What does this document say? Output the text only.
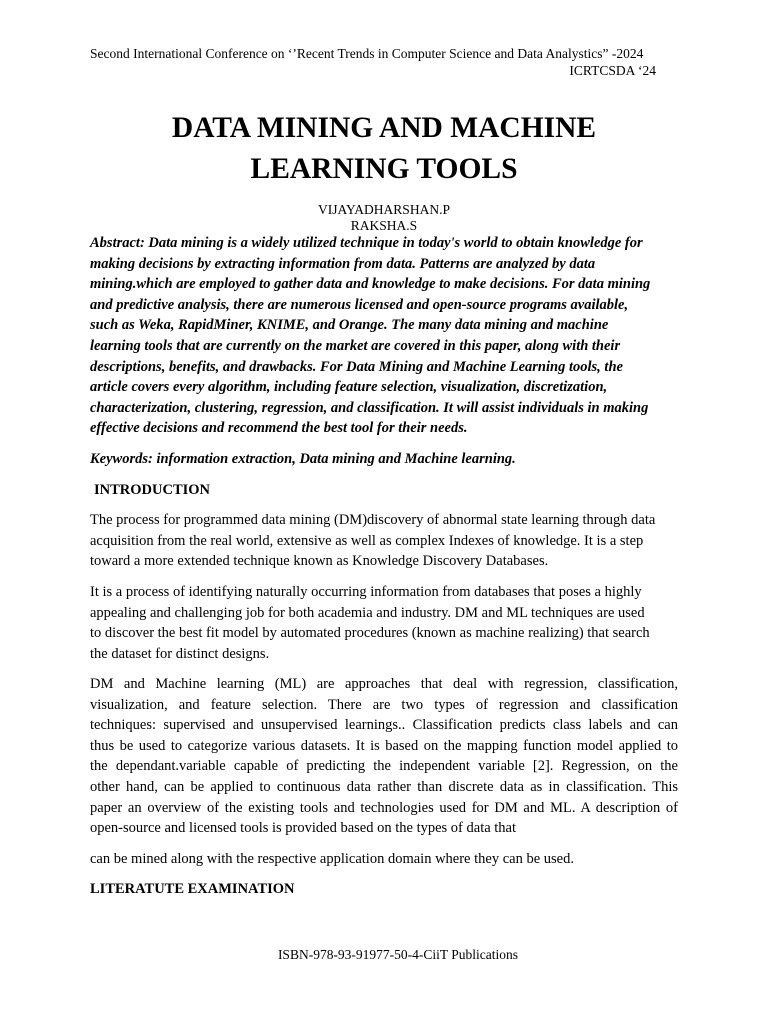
Second International Conference on ‘’Recent Trends in Computer Science and Data Analystics” -2024
ICRTCSDA ‘24
DATA MINING AND MACHINE
LEARNING TOOLS
VIJAYADHARSHAN.P
RAKSHA.S
Abstract: Data mining is a widely utilized technique in today's world to obtain knowledge for
making decisions by extracting information from data. Patterns are analyzed by data
mining.which are employed to gather data and knowledge to make decisions. For data mining
and predictive analysis, there are numerous licensed and open-source programs available,
such as Weka, RapidMiner, KNIME, and Orange. The many data mining and machine
learning tools that are currently on the market are covered in this paper, along with their
descriptions, benefits, and drawbacks. For Data Mining and Machine Learning tools, the
article covers every algorithm, including feature selection, visualization, discretization,
characterization, clustering, regression, and classification. It will assist individuals in making
effective decisions and recommend the best tool for their needs.
Keywords: information extraction, Data mining and Machine learning.
INTRODUCTION
The process for programmed data mining (DM)discovery of abnormal state learning through data
acquisition from the real world, extensive as well as complex Indexes of knowledge. It is a step
toward a more extended technique known as Knowledge Discovery Databases.
It is a process of identifying naturally occurring information from databases that poses a highly
appealing and challenging job for both academia and industry. DM and ML techniques are used
to discover the best fit model by automated procedures (known as machine realizing) that search
the dataset for distinct designs.
DM and Machine learning (ML) are approaches that deal with regression, classification,
visualization, and feature selection. There are two types of regression and classification
techniques: supervised and unsupervised learnings.. Classification predicts class labels and can
thus be used to categorize various datasets. It is based on the mapping function model applied to
the dependant.variable capable of predicting the independent variable [2]. Regression, on the
other hand, can be applied to continuous data rather than discrete data as in classification. This
paper an overview of the existing tools and technologies used for DM and ML. A description of
open-source and licensed tools is provided based on the types of data that
can be mined along with the respective application domain where they can be used.
LITERATUTE EXAMINATION
ISBN-978-93-91977-50-4-CiiT Publications
